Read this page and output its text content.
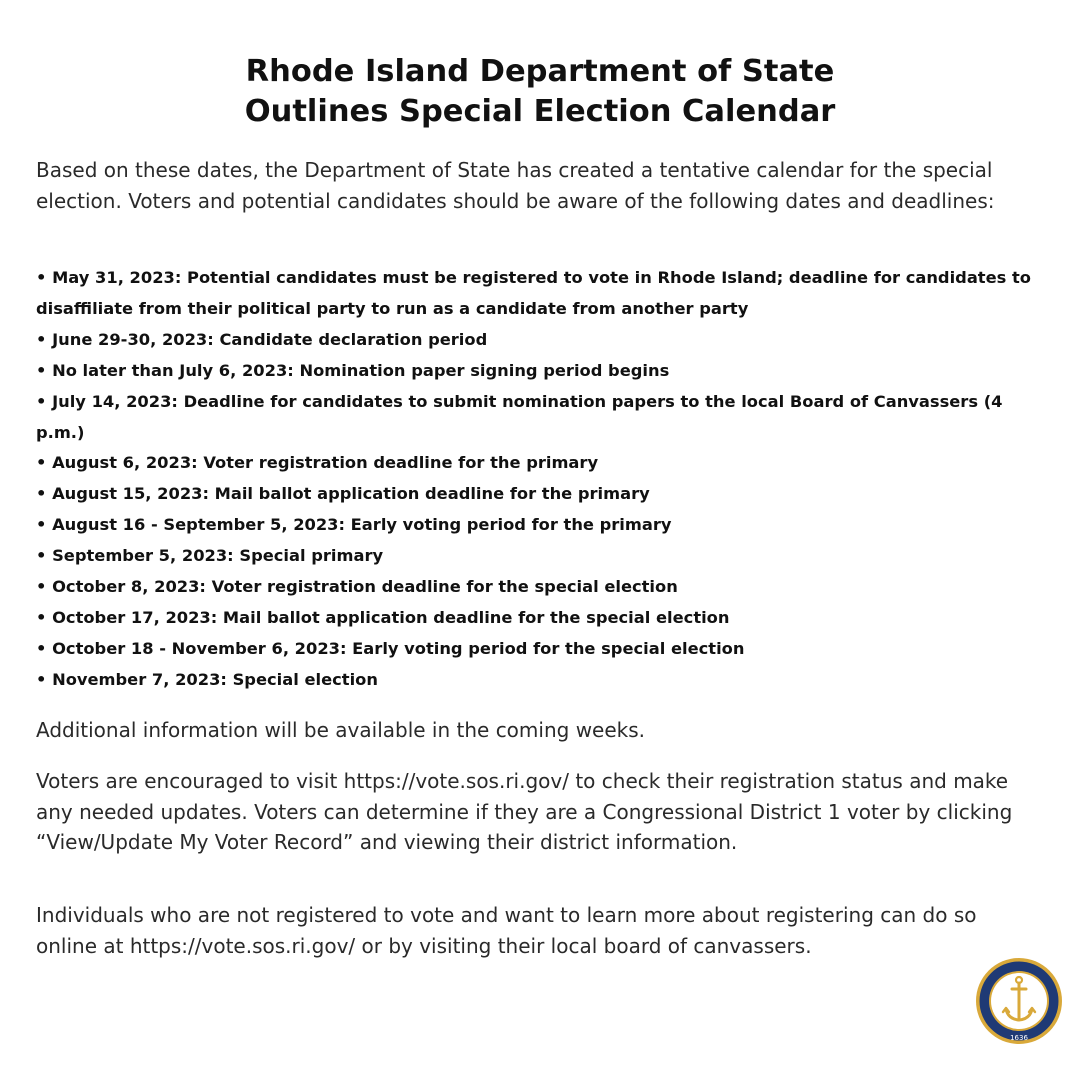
Rhode Island Department of State
Outlines Special Election Calendar

Based on these dates, the Department of State has created a tentative calendar for the special election. Voters and potential candidates should be aware of the following dates and deadlines:

• May 31, 2023: Potential candidates must be registered to vote in Rhode Island; deadline for candidates to disaffiliate from their political party to run as a candidate from another party
• June 29-30, 2023: Candidate declaration period
• No later than July 6, 2023: Nomination paper signing period begins
• July 14, 2023: Deadline for candidates to submit nomination papers to the local Board of Canvassers (4 p.m.)
• August 6, 2023: Voter registration deadline for the primary
• August 15, 2023: Mail ballot application deadline for the primary
• August 16 - September 5, 2023: Early voting period for the primary
• September 5, 2023: Special primary
• October 8, 2023: Voter registration deadline for the special election
• October 17, 2023: Mail ballot application deadline for the special election
• October 18 - November 6, 2023: Early voting period for the special election
• November 7, 2023: Special election

Additional information will be available in the coming weeks.

Voters are encouraged to visit https://vote.sos.ri.gov/ to check their registration status and make any needed updates. Voters can determine if they are a Congressional District 1 voter by clicking “View/Update My Voter Record” and viewing their district information.

Individuals who are not registered to vote and want to learn more about registering can do so online at https://vote.sos.ri.gov/ or by visiting their local board of canvassers.

1636
